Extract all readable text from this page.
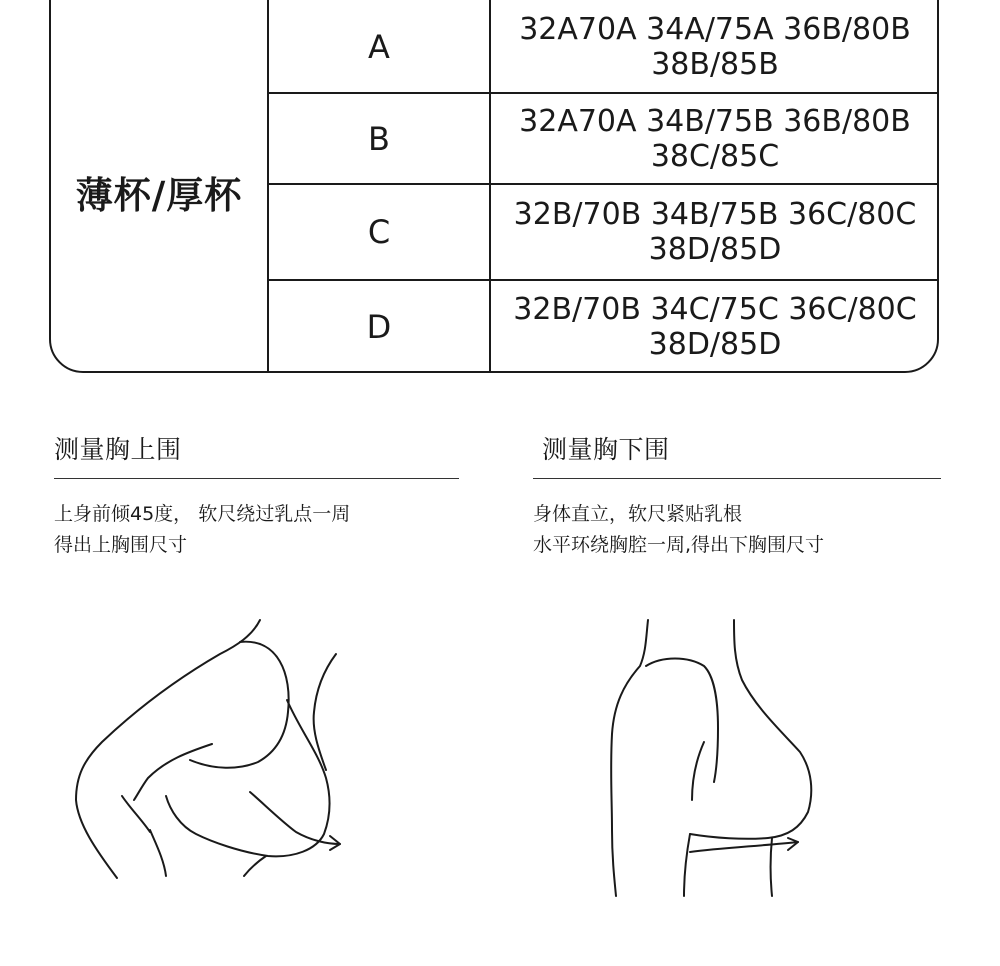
薄杯/厚杯
A	32A70A 34A/75A 36B/80B
38B/85B
B	32A70A 34B/75B 36B/80B
38C/85C
C	32B/70B 34B/75B 36C/80C
38D/85D
D	32B/70B 34C/75C 36C/80C
38D/85D
测量胸上围

上身前倾45度， 软尺绕过乳点一周
得出上胸围尺寸

测量胸下围

身体直立，软尺紧贴乳根
水平环绕胸腔一周,得出下胸围尺寸
